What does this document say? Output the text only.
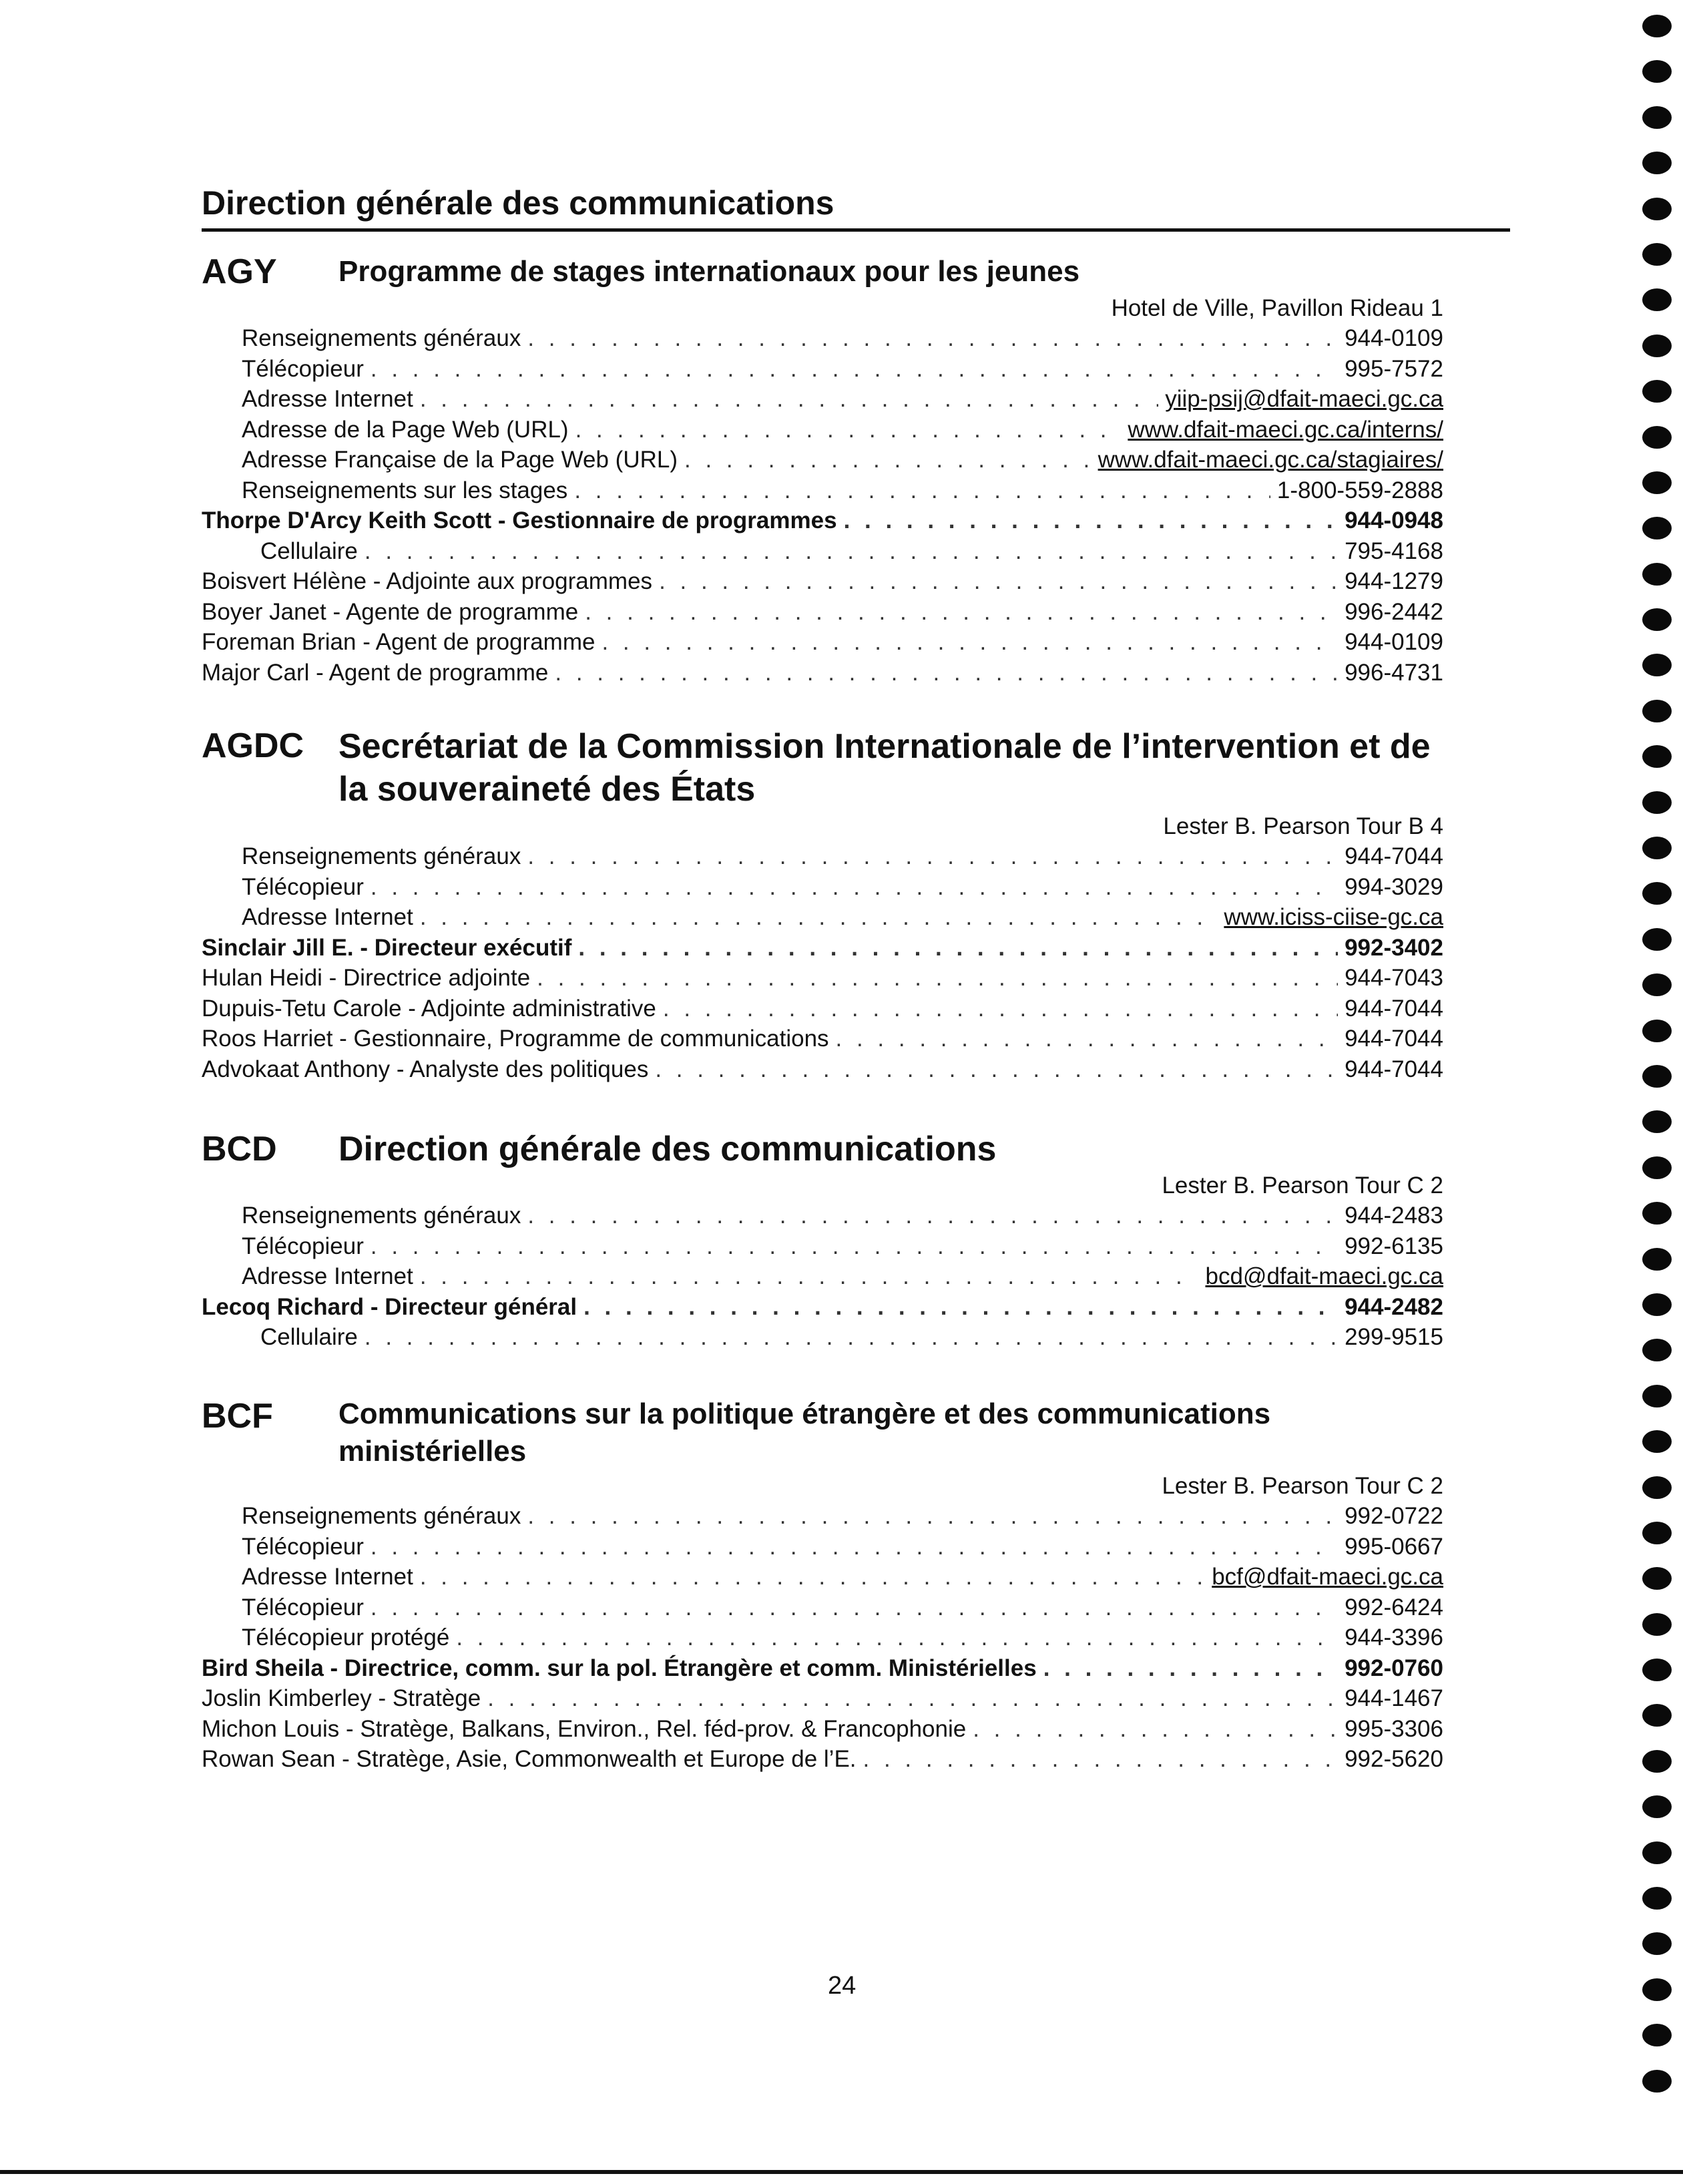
Direction générale des communications
AGY Programme de stages internationaux pour les jeunes
Hotel de Ville, Pavillon Rideau 1
Renseignements généraux . . .	944-0109
Télécopieur . . .	995-7572
Adresse Internet . . .	yiip-psij@dfait-maeci.gc.ca
Adresse de la Page Web (URL) . . .	www.dfait-maeci.gc.ca/interns/
Adresse Française de la Page Web (URL) . . .	www.dfait-maeci.gc.ca/stagiaires/
Renseignements sur les stages . . .	1-800-559-2888
Thorpe D'Arcy Keith Scott - Gestionnaire de programmes . . .	944-0948
Cellulaire . . .	795-4168
Boisvert Hélène - Adjointe aux programmes . . .	944-1279
Boyer Janet - Agente de programme . . .	996-2442
Foreman Brian - Agent de programme . . .	944-0109
Major Carl - Agent de programme . . .	996-4731
AGDC Secrétariat de la Commission Internationale de l’intervention et de
la souveraineté des États
Lester B. Pearson Tour B 4
Renseignements généraux . . .	944-7044
Télécopieur . . .	994-3029
Adresse Internet . . .	www.iciss-ciise-gc.ca
Sinclair Jill E. - Directeur exécutif . . .	992-3402
Hulan Heidi - Directrice adjointe . . .	944-7043
Dupuis-Tetu Carole - Adjointe administrative . . .	944-7044
Roos Harriet - Gestionnaire, Programme de communications . . .	944-7044
Advokaat Anthony - Analyste des politiques . . .	944-7044
BCD Direction générale des communications
Lester B. Pearson Tour C 2
Renseignements généraux . . .	944-2483
Télécopieur . . .	992-6135
Adresse Internet . . .	bcd@dfait-maeci.gc.ca
Lecoq Richard - Directeur général . . .	944-2482
Cellulaire . . .	299-9515
BCF Communications sur la politique étrangère et des communications
ministérielles
Lester B. Pearson Tour C 2
Renseignements généraux . . .	992-0722
Télécopieur . . .	995-0667
Adresse Internet . . .	bcf@dfait-maeci.gc.ca
Télécopieur . . .	992-6424
Télécopieur protégé . . .	944-3396
Bird Sheila - Directrice, comm. sur la pol. Étrangère et comm. Ministérielles . . .	992-0760
Joslin Kimberley - Stratège . . .	944-1467
Michon Louis - Stratège, Balkans, Environ., Rel. féd-prov. & Francophonie . . .	995-3306
Rowan Sean - Stratège, Asie, Commonwealth et Europe de l’E. . . .	992-5620
24
